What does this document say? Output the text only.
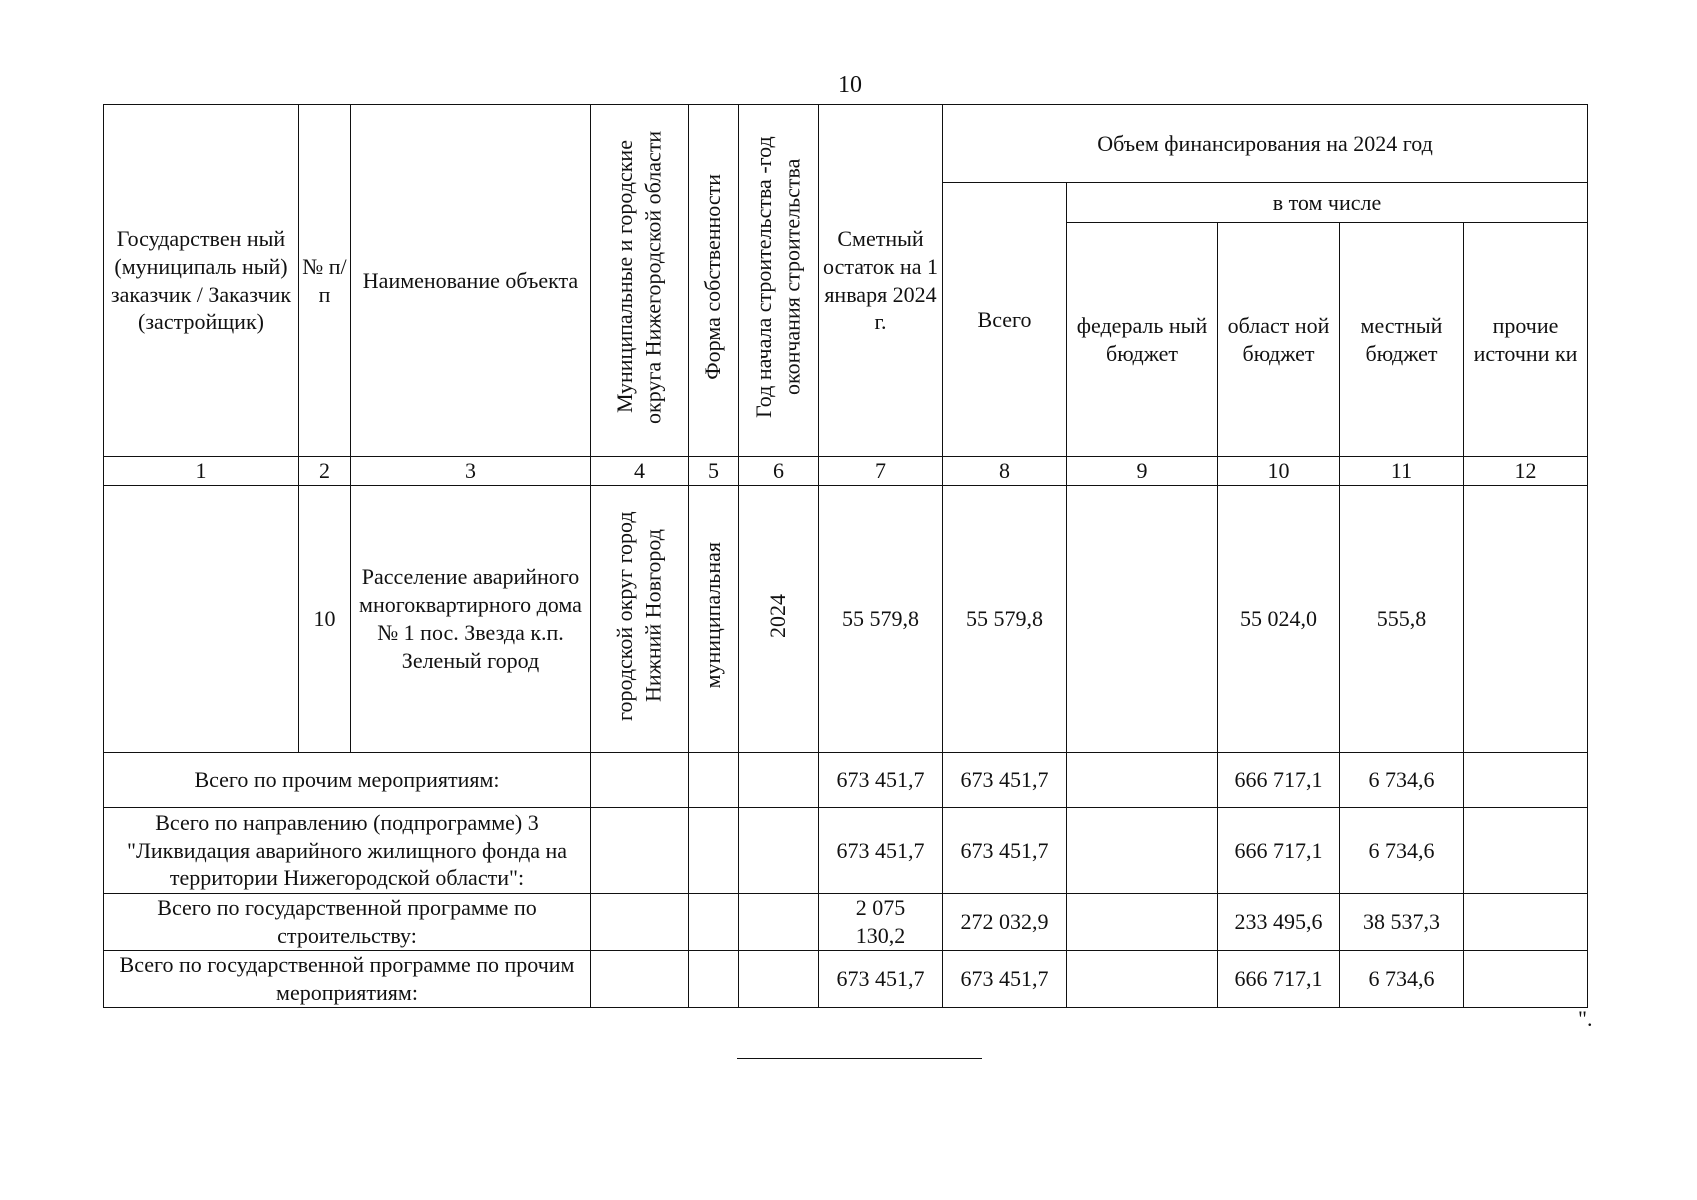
10
Государствен ный (муниципаль ный) заказчик / Заказчик (застройщик)	№ п/ п	Наименование объекта	Муниципальные и городские округа Нижегородской области	Форма собственности	Год начала строительства -год окончания строительства	Сметный остаток на 1 января 2024 г.	Объем финансирования на 2024 год				
							Всего	в том числе			
								федераль ный бюджет	област ной бюджет	местный бюджет	прочие источни ки
1	2	3	4	5	6	7	8	9	10	11	12
	10	Расселение аварийного многоквартирного дома № 1 пос. Звезда к.п. Зеленый город	городской округ город Нижний Новгород	муниципальная	2024	55 579,8	55 579,8		55 024,0	555,8	
Всего по прочим мероприятиям:						673 451,7	673 451,7		666 717,1	6 734,6	
Всего по направлению (подпрограмме) 3 "Ликвидация аварийного жилищного фонда на территории Нижегородской области":						673 451,7	673 451,7		666 717,1	6 734,6	
Всего по государственной программе по строительству:						2 075 130,2	272 032,9		233 495,6	38 537,3	
Всего по государственной программе по прочим мероприятиям:						673 451,7	673 451,7		666 717,1	6 734,6	
".
